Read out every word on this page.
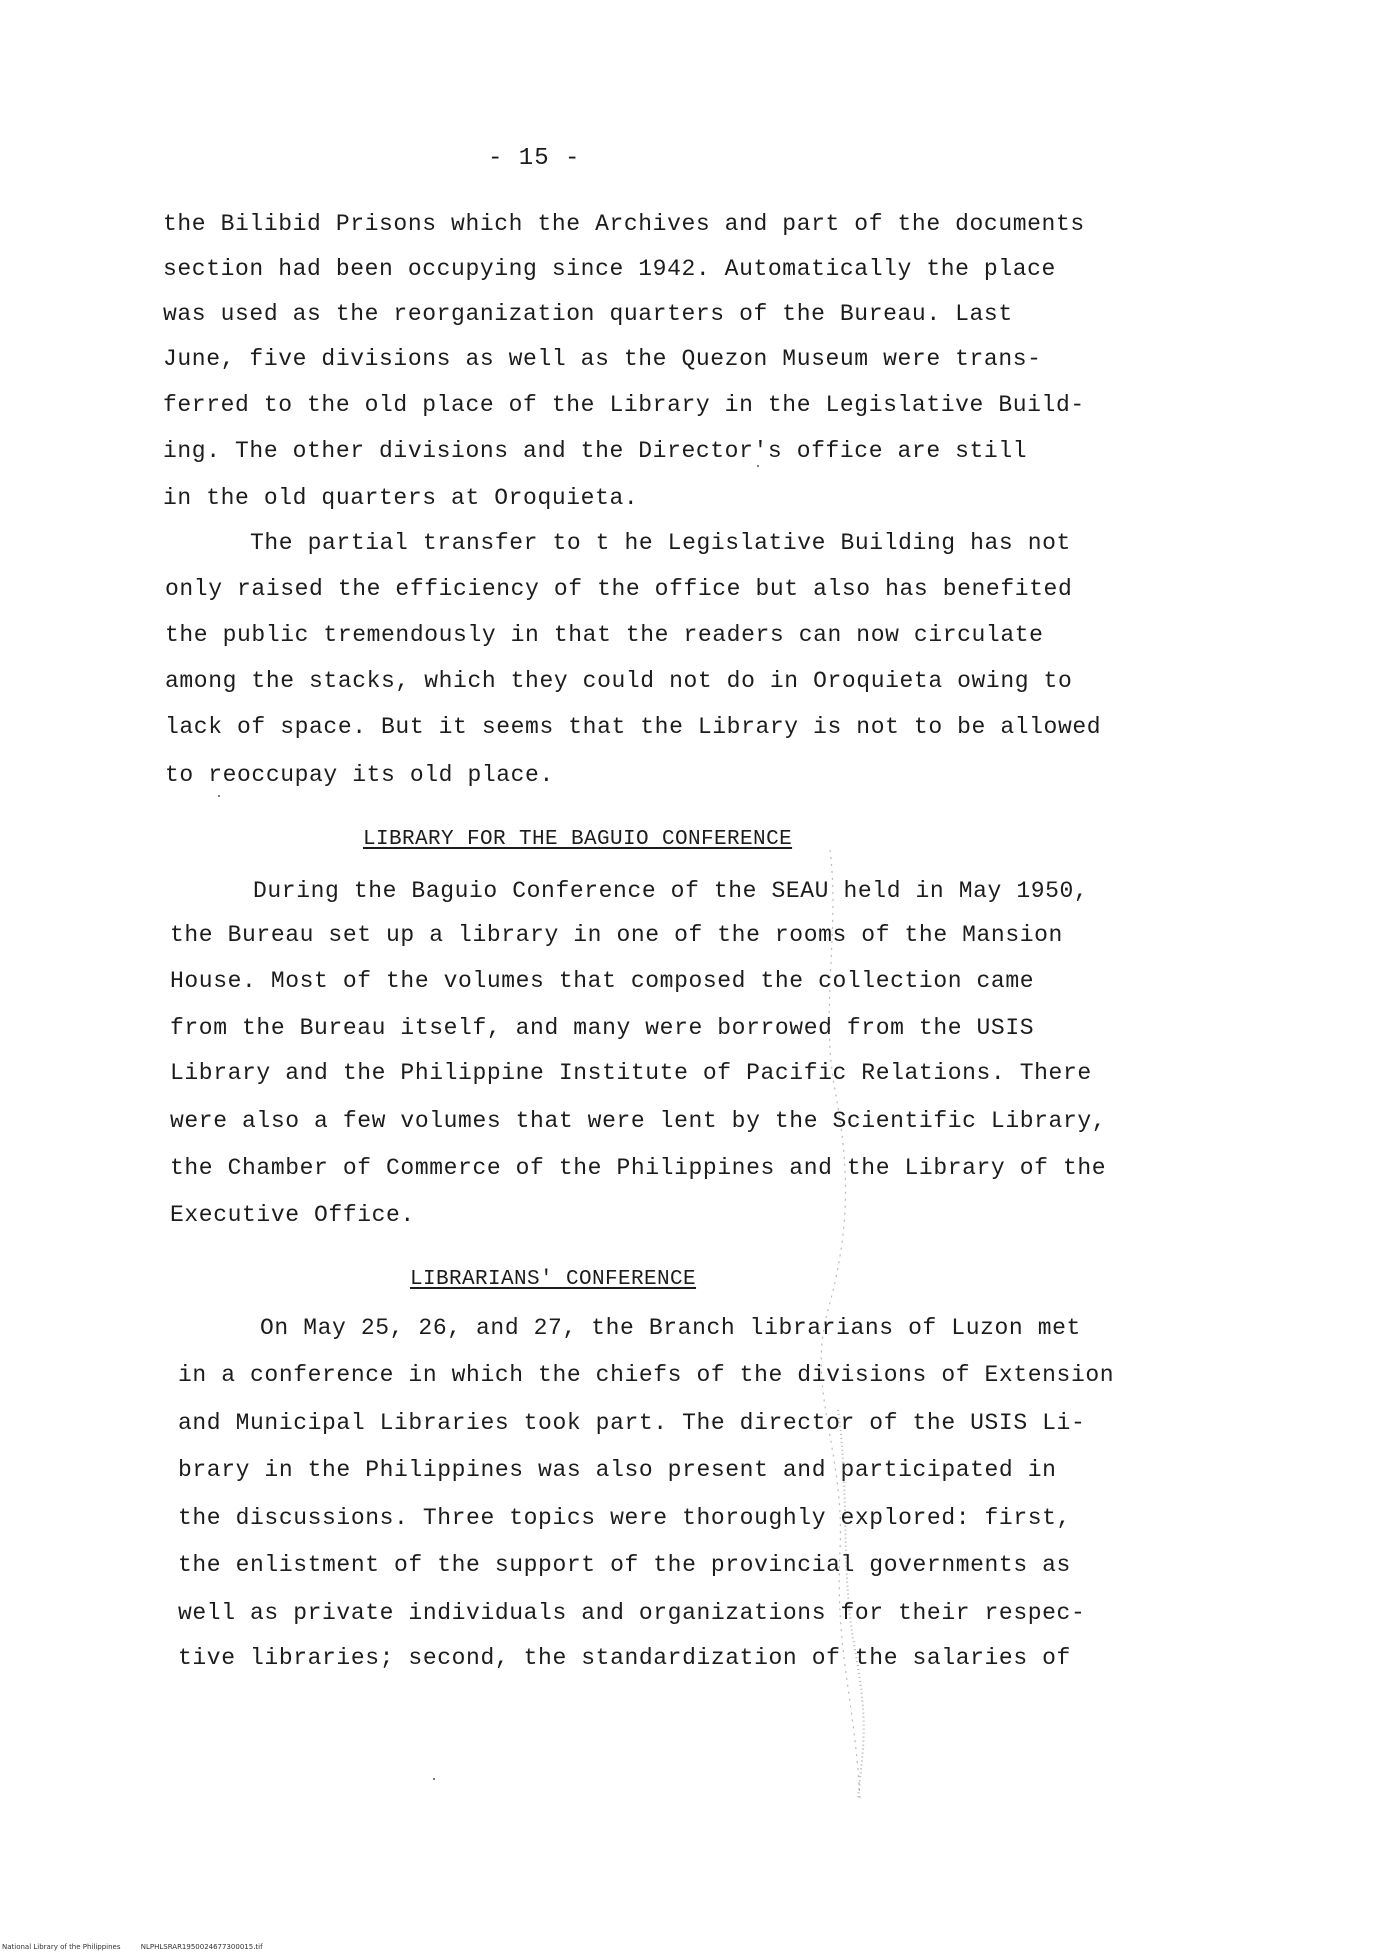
- 15 -
the Bilibid Prisons which the Archives and part of the documents
section had been occupying since 1942. Automatically the place
was used as the reorganization quarters of the Bureau. Last
June, five divisions as well as the Quezon Museum were trans-
ferred to the old place of the Library in the Legislative Build-
ing. The other divisions and the Director's office are still
in the old quarters at Oroquieta.
The partial transfer to t he Legislative Building has not
only raised the efficiency of the office but also has benefited
the public tremendously in that the readers can now circulate
among the stacks, which they could not do in Oroquieta owing to
lack of space. But it seems that the Library is not to be allowed
to reoccupay its old place.
LIBRARY FOR THE BAGUIO CONFERENCE
During the Baguio Conference of the SEAU held in May 1950,
the Bureau set up a library in one of the rooms of the Mansion
House. Most of the volumes that composed the collection came
from the Bureau itself, and many were borrowed from the USIS
Library and the Philippine Institute of Pacific Relations. There
were also a few volumes that were lent by the Scientific Library,
the Chamber of Commerce of the Philippines and the Library of the
Executive Office.
LIBRARIANS' CONFERENCE
On May 25, 26, and 27, the Branch librarians of Luzon met
in a conference in which the chiefs of the divisions of Extension
and Municipal Libraries took part. The director of the USIS Li-
brary in the Philippines was also present and participated in
the discussions. Three topics were thoroughly explored: first,
the enlistment of the support of the provincial governments as
well as private individuals and organizations for their respec-
tive libraries; second, the standardization of the salaries of
National Library of the Philippines	NLPHLSRAR1950024677300015.tif
